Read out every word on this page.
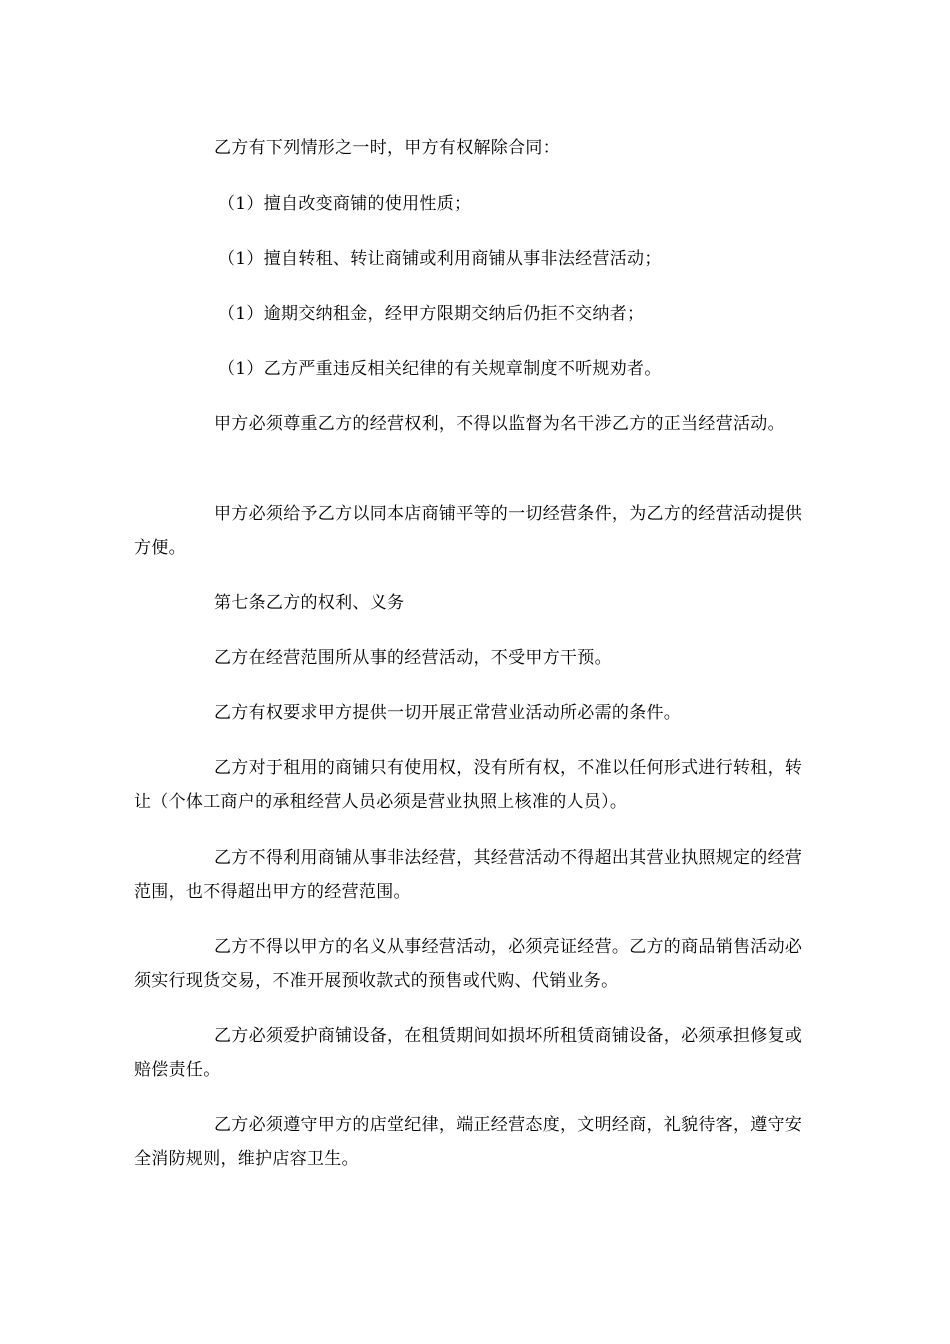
乙方有下列情形之一时，甲方有权解除合同：

（1）擅自改变商铺的使用性质；

（1）擅自转租、转让商铺或利用商铺从事非法经营活动；

（1）逾期交纳租金，经甲方限期交纳后仍拒不交纳者；

（1）乙方严重违反相关纪律的有关规章制度不听规劝者。

甲方必须尊重乙方的经营权利，不得以监督为名干涉乙方的正当经营活动。

甲方必须给予乙方以同本店商铺平等的一切经营条件，为乙方的经营活动提供方便。

第七条乙方的权利、义务

乙方在经营范围所从事的经营活动，不受甲方干预。

乙方有权要求甲方提供一切开展正常营业活动所必需的条件。

乙方对于租用的商铺只有使用权，没有所有权，不准以任何形式进行转租，转让（个体工商户的承租经营人员必须是营业执照上核准的人员）。

乙方不得利用商铺从事非法经营，其经营活动不得超出其营业执照规定的经营范围，也不得超出甲方的经营范围。

乙方不得以甲方的名义从事经营活动，必须亮证经营。乙方的商品销售活动必须实行现货交易，不准开展预收款式的预售或代购、代销业务。

乙方必须爱护商铺设备，在租赁期间如损坏所租赁商铺设备，必须承担修复或赔偿责任。

乙方必须遵守甲方的店堂纪律，端正经营态度，文明经商，礼貌待客，遵守安全消防规则，维护店容卫生。
